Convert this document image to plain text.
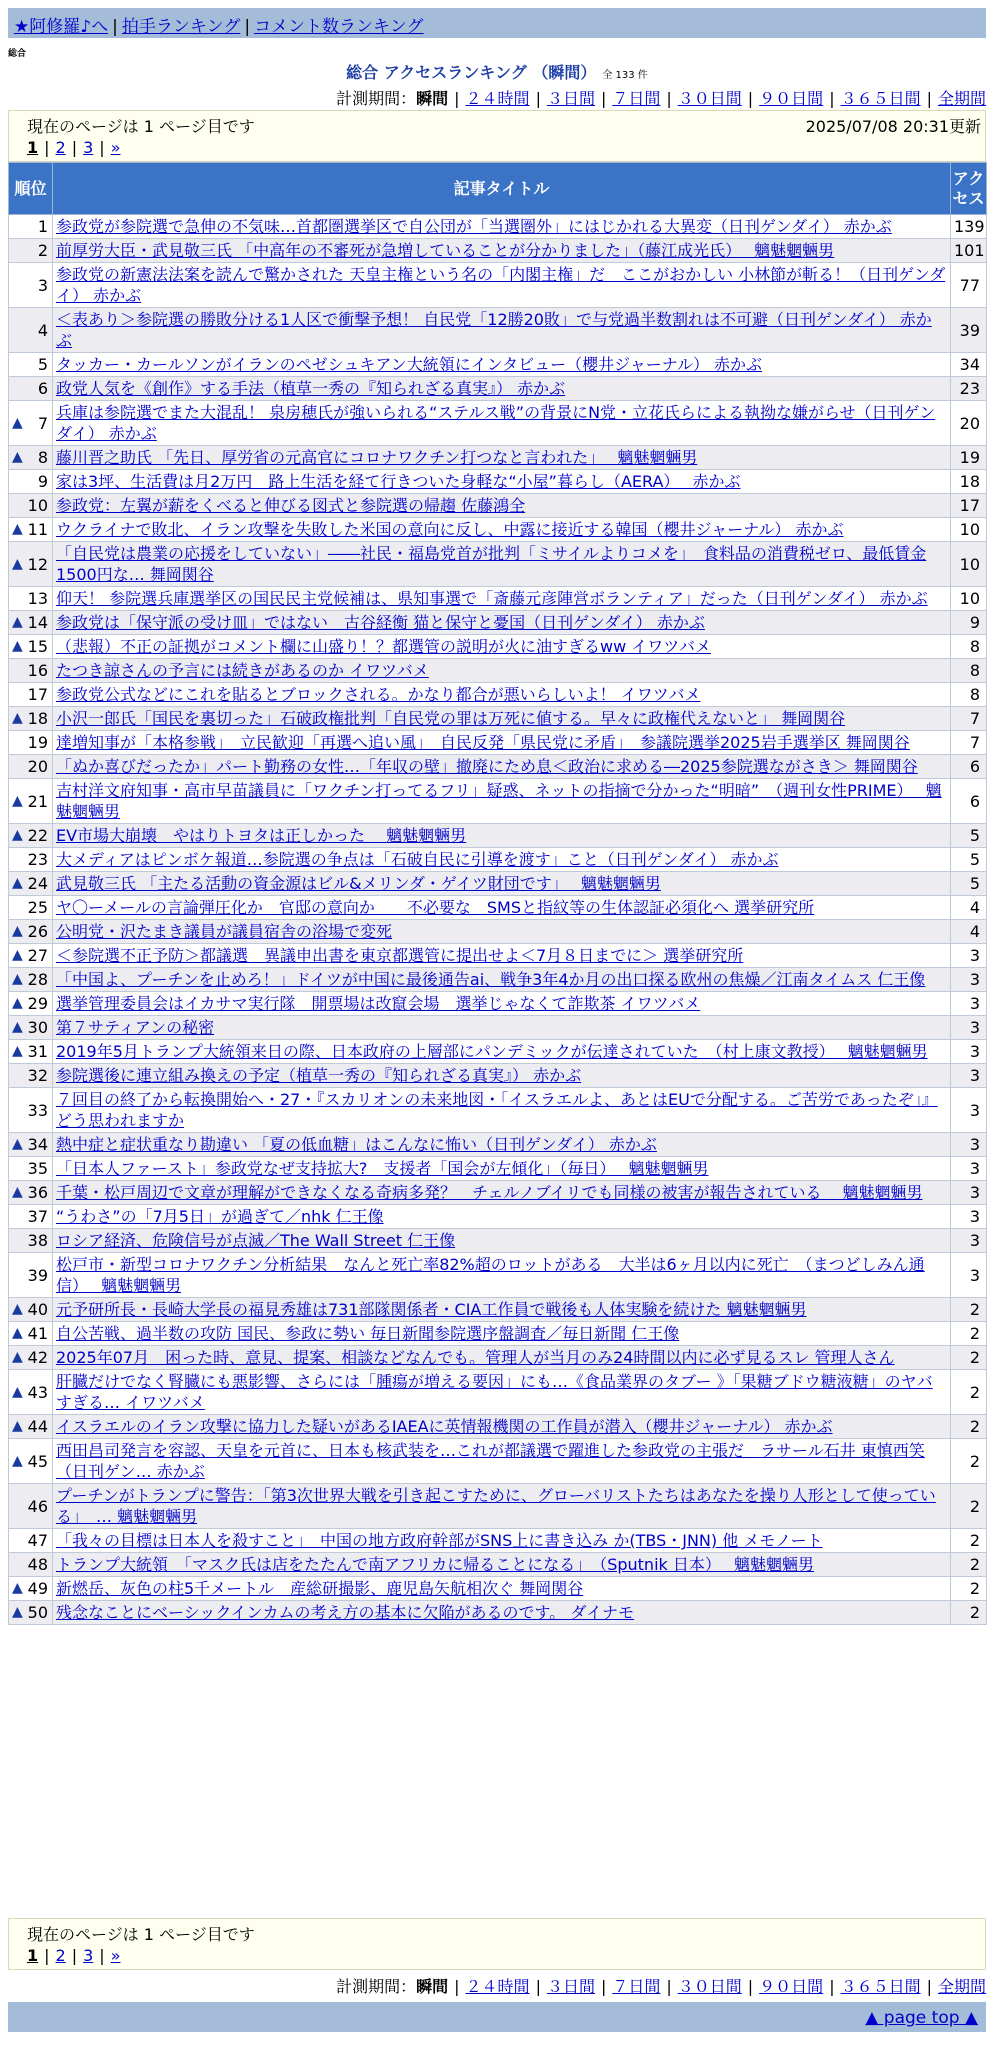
★阿修羅♪へ | 拍手ランキング | コメント数ランキング
総合
総合 アクセスランキング （瞬間） 全 133 件
計測期間：瞬間 | ２４時間 | ３日間 | ７日間 | ３０日間 | ９０日間 | ３６５日間 | 全期間
現在のページは 1 ページ目です	2025/07/08 20:31更新
1 | 2 | 3 | »
順位	記事タイトル	アクセス
1	参政党が参院選で急伸の不気味…首都圏選挙区で自公団が「当選圏外」にはじかれる大異変（日刊ゲンダイ） 赤かぶ	139
2	前厚労大臣・武見敬三氏 「中高年の不審死が急増していることが分かりました」（藤江成光氏）　 魑魅魍魎男	101
3	参政党の新憲法法案を読んで驚かされた 天皇主権という名の「内閣主権」だ　ここがおかしい 小林節が斬る！（日刊ゲンダイ） 赤かぶ	77
4	＜表あり＞参院選の勝敗分ける1人区で衝撃予想！ 自民党「12勝20敗」で与党過半数割れは不可避（日刊ゲンダイ） 赤かぶ	39
5	タッカー・カールソンがイランのペゼシュキアン大統領にインタビュー（櫻井ジャーナル） 赤かぶ	34
6	政党人気を《創作》する手法（植草一秀の『知られざる真実』） 赤かぶ	23

▲ 7	兵庫は参院選でまた大混乱！ 泉房穂氏が強いられる“ステルス戦”の背景にN党・立花氏らによる執拗な嫌がらせ（日刊ゲンダイ） 赤かぶ	20

▲ 8	藤川晋之助氏 「先日、厚労省の元高官にコロナワクチン打つなと言われた」　 魑魅魍魎男	19
9	家は3坪、生活費は月2万円　路上生活を経て行きついた身軽な“小屋”暮らし（AERA）　 赤かぶ	18
10	参政党：左翼が薪をくべると伸びる図式と参院選の帰趨 佐藤鴻全	17

▲ 11	ウクライナで敗北、イラン攻撃を失敗した米国の意向に反し、中露に接近する韓国（櫻井ジャーナル） 赤かぶ	10

▲ 12	「自民党は農業の応援をしていない」――社民・福島党首が批判「ミサイルよりコメを」　食料品の消費税ゼロ、最低賃金1500円な… 舞岡関谷	10
13	仰天！ 参院選兵庫選挙区の国民民主党候補は、県知事選で「斎藤元彦陣営ボランティア」だった（日刊ゲンダイ） 赤かぶ	10

▲ 14	参政党は「保守派の受け皿」ではない　古谷経衡 猫と保守と憂国（日刊ゲンダイ） 赤かぶ	9

▲ 15	（悲報）不正の証拠がコメント欄に山盛り！？都選管の説明が火に油すぎるww イワツバメ	8
16	たつき諒さんの予言には続きがあるのか イワツバメ	8
17	参政党公式などにこれを貼るとブロックされる。かなり都合が悪いらしいよ！ イワツバメ	8

▲ 18	小沢一郎氏「国民を裏切った」石破政権批判「自民党の罪は万死に値する。早々に政権代えないと」 舞岡関谷	7
19	達増知事が「本格参戦」　立民歓迎「再選へ追い風」　自民反発「県民党に矛盾」　参議院選挙2025岩手選挙区 舞岡関谷	7
20	「ぬか喜びだったか」パート勤務の女性…「年収の壁」撤廃にため息＜政治に求める―2025参院選ながさき＞ 舞岡関谷	6

▲ 21	吉村洋文府知事・高市早苗議員に「ワクチン打ってるフリ」疑惑、ネットの指摘で分かった“明暗”　（週刊女性PRIME）　 魑魅魍魎男	6

▲ 22	EV市場大崩壊　やはりトヨタは正しかった　 魑魅魍魎男	5
23	大メディアはピンボケ報道…参院選の争点は「石破自民に引導を渡す」こと（日刊ゲンダイ） 赤かぶ	5

▲ 24	武見敬三氏 「主たる活動の資金源はビル&メリンダ・ゲイツ財団です」　 魑魅魍魎男	5
25	ヤ〇ーメールの言論弾圧化か　官邸の意向か　　不必要な　SMSと指紋等の生体認証必須化へ 選挙研究所	4

▲ 26	公明党・沢たまき議員が議員宿舎の浴場で変死	4

▲ 27	＜参院選不正予防＞都議選　異議申出書を東京都選管に提出せよ＜7月８日までに＞ 選挙研究所	3

▲ 28	「中国よ、プーチンを止めろ！」ドイツが中国に最後通告ai、戦争3年4か月の出口探る欧州の焦燥／江南タイムス 仁王像	3

▲ 29	選挙管理委員会はイカサマ実行隊　開票場は改竄会場　選挙じゃなくて詐欺茶 イワツバメ	3

▲ 30	第７サティアンの秘密	3

▲ 31	2019年5月トランプ大統領来日の際、日本政府の上層部にパンデミックが伝達されていた　（村上康文教授）　 魑魅魍魎男	3
32	参院選後に連立組み換えの予定（植草一秀の『知られざる真実』） 赤かぶ	3
33	７回目の終了から転換開始へ・27・『スカリオンの未来地図・「イスラエルよ、あとはEUで分配する。ご苦労であったぞ」』 どう思われますか	3

▲ 34	熱中症と症状重なり勘違い 「夏の低血糖」はこんなに怖い（日刊ゲンダイ） 赤かぶ	3
35	「日本人ファースト」参政党なぜ支持拡大?　支援者「国会が左傾化」（毎日）　 魑魅魍魎男	3

▲ 36	千葉・松戸周辺で文章が理解ができなくなる奇病多発？　チェルノブイリでも同様の被害が報告されている　 魑魅魍魎男	3
37	“うわさ”の「7月5日」が過ぎて／nhk 仁王像	3
38	ロシア経済、危険信号が点滅／The Wall Street 仁王像	3
39	松戸市・新型コロナワクチン分析結果　なんと死亡率82%超のロットがある　大半は6ヶ月以内に死亡　（まつどしみん通信）　 魑魅魍魎男	3

▲ 40	元予研所長・長崎大学長の福見秀雄は731部隊関係者・CIA工作員で戦後も人体実験を続けた 魑魅魍魎男	2

▲ 41	自公苦戦、過半数の攻防 国民、参政に勢い 毎日新聞参院選序盤調査／毎日新聞 仁王像	2

▲ 42	2025年07月　困った時、意見、提案、相談などなんでも。管理人が当月のみ24時間以内に必ず見るスレ 管理人さん	2

▲ 43	肝臓だけでなく腎臓にも悪影響、さらには「腫瘍が増える要因」にも…《食品業界のタブー 》「果糖ブドウ糖液糖」のヤバすぎる… イワツバメ	2

▲ 44	イスラエルのイラン攻撃に協力した疑いがあるIAEAに英情報機関の工作員が潜入（櫻井ジャーナル） 赤かぶ	2

▲ 45	西田昌司発言を容認、天皇を元首に、日本も核武装を…これが都議選で躍進した参政党の主張だ　ラサール石井 東慎西笑（日刊ゲン… 赤かぶ	2
46	プーチンがトランプに警告：「第3次世界大戦を引き起こすために、グローバリストたちはあなたを操り人形として使っている」　… 魑魅魍魎男	2
47	「我々の目標は日本人を殺すこと」　中国の地方政府幹部がSNS上に書き込み か(TBS・JNN) 他 メモノート	2
48	トランプ大統領　「マスク氏は店をたたんで南アフリカに帰ることになる」　（Sputnik 日本）　 魑魅魍魎男	2

▲ 49	新燃岳、灰色の柱5千メートル　産総研撮影、鹿児島矢航相次ぐ 舞岡関谷	2

▲ 50	残念なことにベーシックインカムの考え方の基本に欠陥があるのです。 ダイナモ	2
現在のページは 1 ページ目です
1 | 2 | 3 | »
計測期間：瞬間 | ２４時間 | ３日間 | ７日間 | ３０日間 | ９０日間 | ３６５日間 | 全期間
▲ page top ▲
